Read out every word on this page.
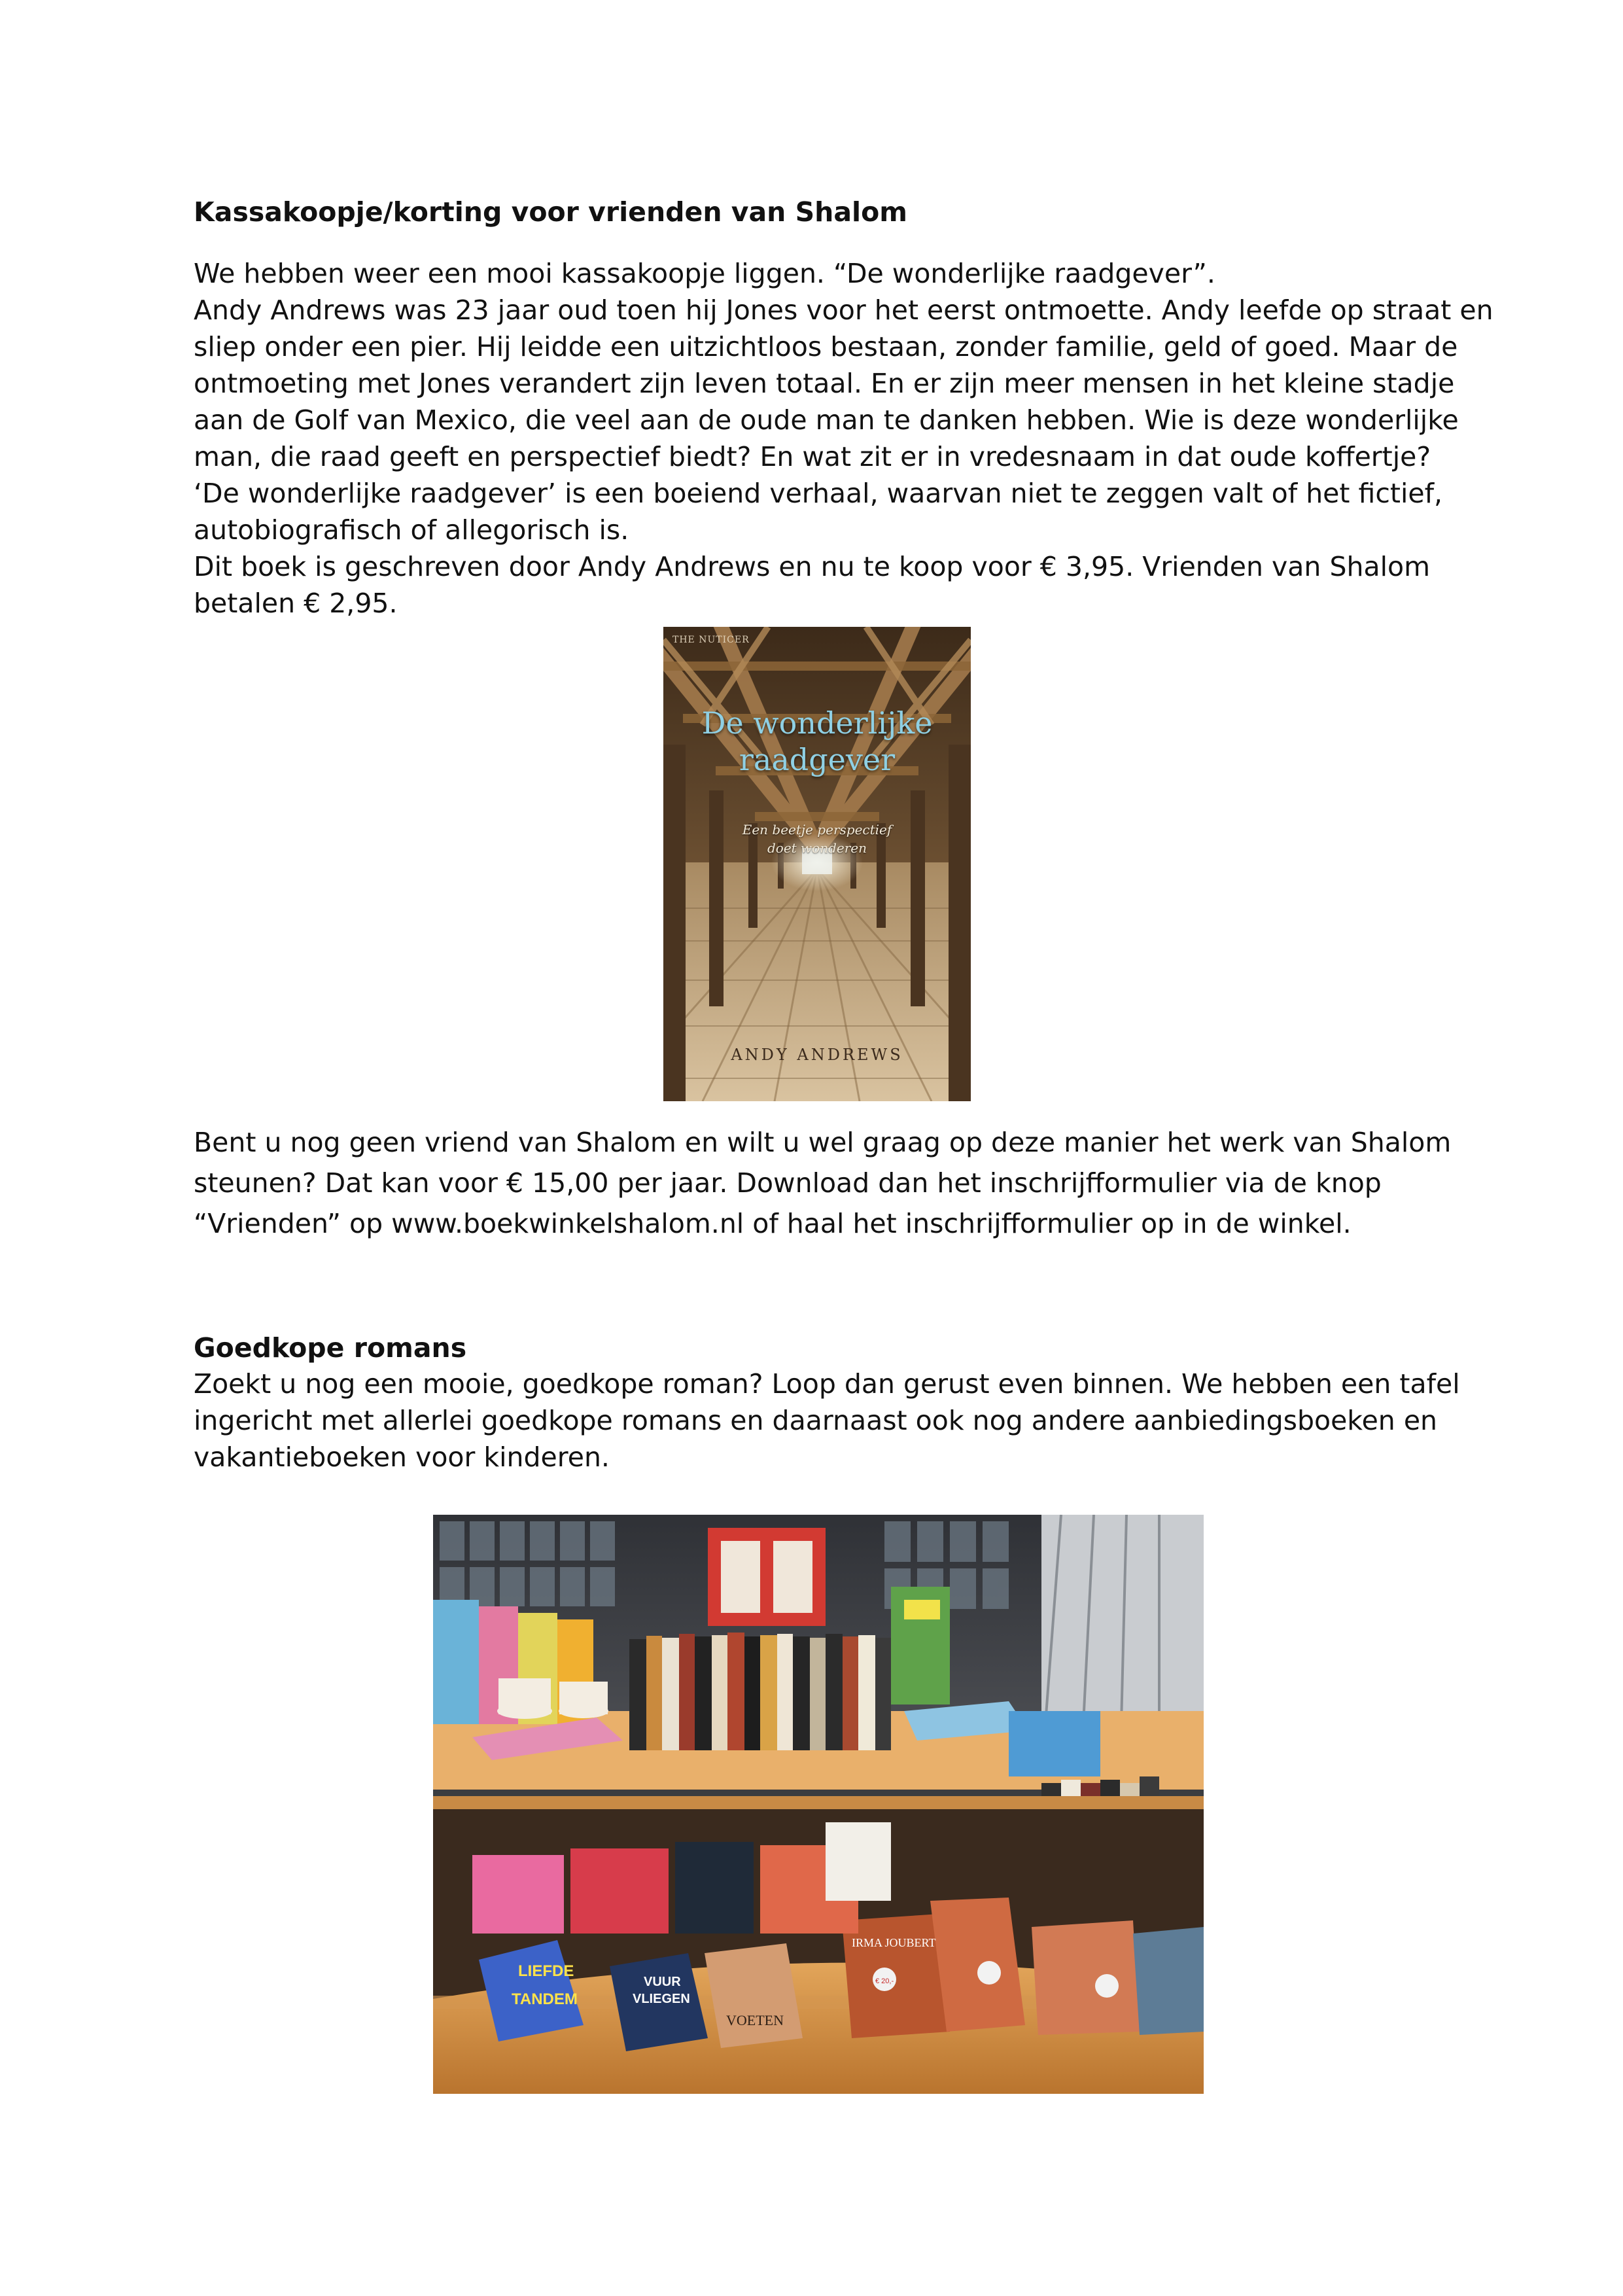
Kassakoopje/korting voor vrienden van Shalom
We hebben weer een mooi kassakoopje liggen. “De wonderlijke raadgever”.
Andy Andrews was 23 jaar oud toen hij Jones voor het eerst ontmoette. Andy leefde op straat en
sliep onder een pier. Hij leidde een uitzichtloos bestaan, zonder familie, geld of goed. Maar de
ontmoeting met Jones verandert zijn leven totaal. En er zijn meer mensen in het kleine stadje
aan de Golf van Mexico, die veel aan de oude man te danken hebben. Wie is deze wonderlijke
man, die raad geeft en perspectief biedt? En wat zit er in vredesnaam in dat oude koffertje?
‘De wonderlijke raadgever’ is een boeiend verhaal, waarvan niet te zeggen valt of het fictief,
autobiografisch of allegorisch is.
Dit boek is geschreven door Andy Andrews en nu te koop voor € 3,95. Vrienden van Shalom
betalen € 2,95.
THE NUTICER
De wonderlijke
raadgever
Een beetje perspectief
doet wonderen
ANDY ANDREWS
Bent u nog geen vriend van Shalom en wilt u wel graag op deze manier het werk van Shalom
steunen? Dat kan voor € 15,00 per jaar. Download dan het inschrijfformulier via de knop
“Vrienden” op www.boekwinkelshalom.nl of haal het inschrijfformulier op in de winkel.
Goedkope romans
Zoekt u nog een mooie, goedkope roman? Loop dan gerust even binnen. We hebben een tafel
ingericht met allerlei goedkope romans en daarnaast ook nog andere aanbiedingsboeken en
vakantieboeken voor kinderen.
LIEFDE
TANDEM
VUUR
VLIEGEN
VOETEN
IRMA JOUBERT
€ 20,-
